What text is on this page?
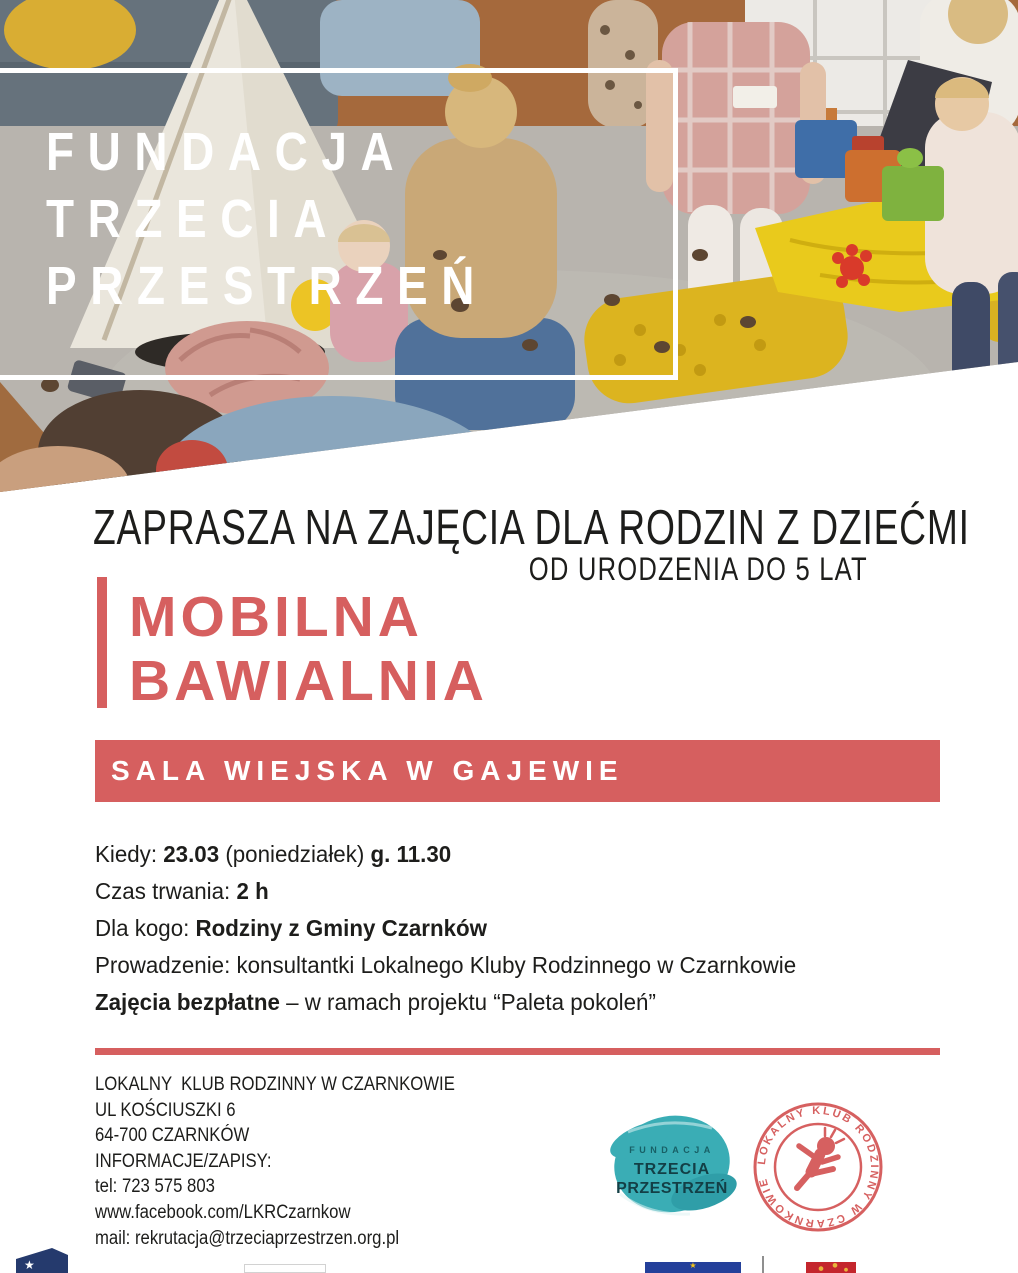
FUNDACJA
TRZECIA
PRZESTRZEŃ
ZAPRASZA NA ZAJĘCIA DLA RODZIN Z DZIEĆMI
OD URODZENIA DO 5 LAT
MOBILNA
BAWIALNIA
SALA WIEJSKA W GAJEWIE
Kiedy: 23.03 (poniedziałek) g. 11.30
Czas trwania: 2 h
Dla kogo: Rodziny z Gminy Czarnków
Prowadzenie: konsultantki Lokalnego Kluby Rodzinnego w Czarnkowie
Zajęcia bezpłatne – w ramach projektu “Paleta pokoleń”
LOKALNY  KLUB RODZINNY W CZARNKOWIE
UL KOŚCIUSZKI 6
64-700 CZARNKÓW
INFORMACJE/ZAPISY:
tel: 723 575 803
www.facebook.com/LKRCzarnkow
mail: rekrutacja@trzeciaprzestrzen.org.pl
FUNDACJA
TRZECIA
PRZESTRZEŃ
LOKALNY KLUB RODZINNY W CZARNKOWIE
★	★
